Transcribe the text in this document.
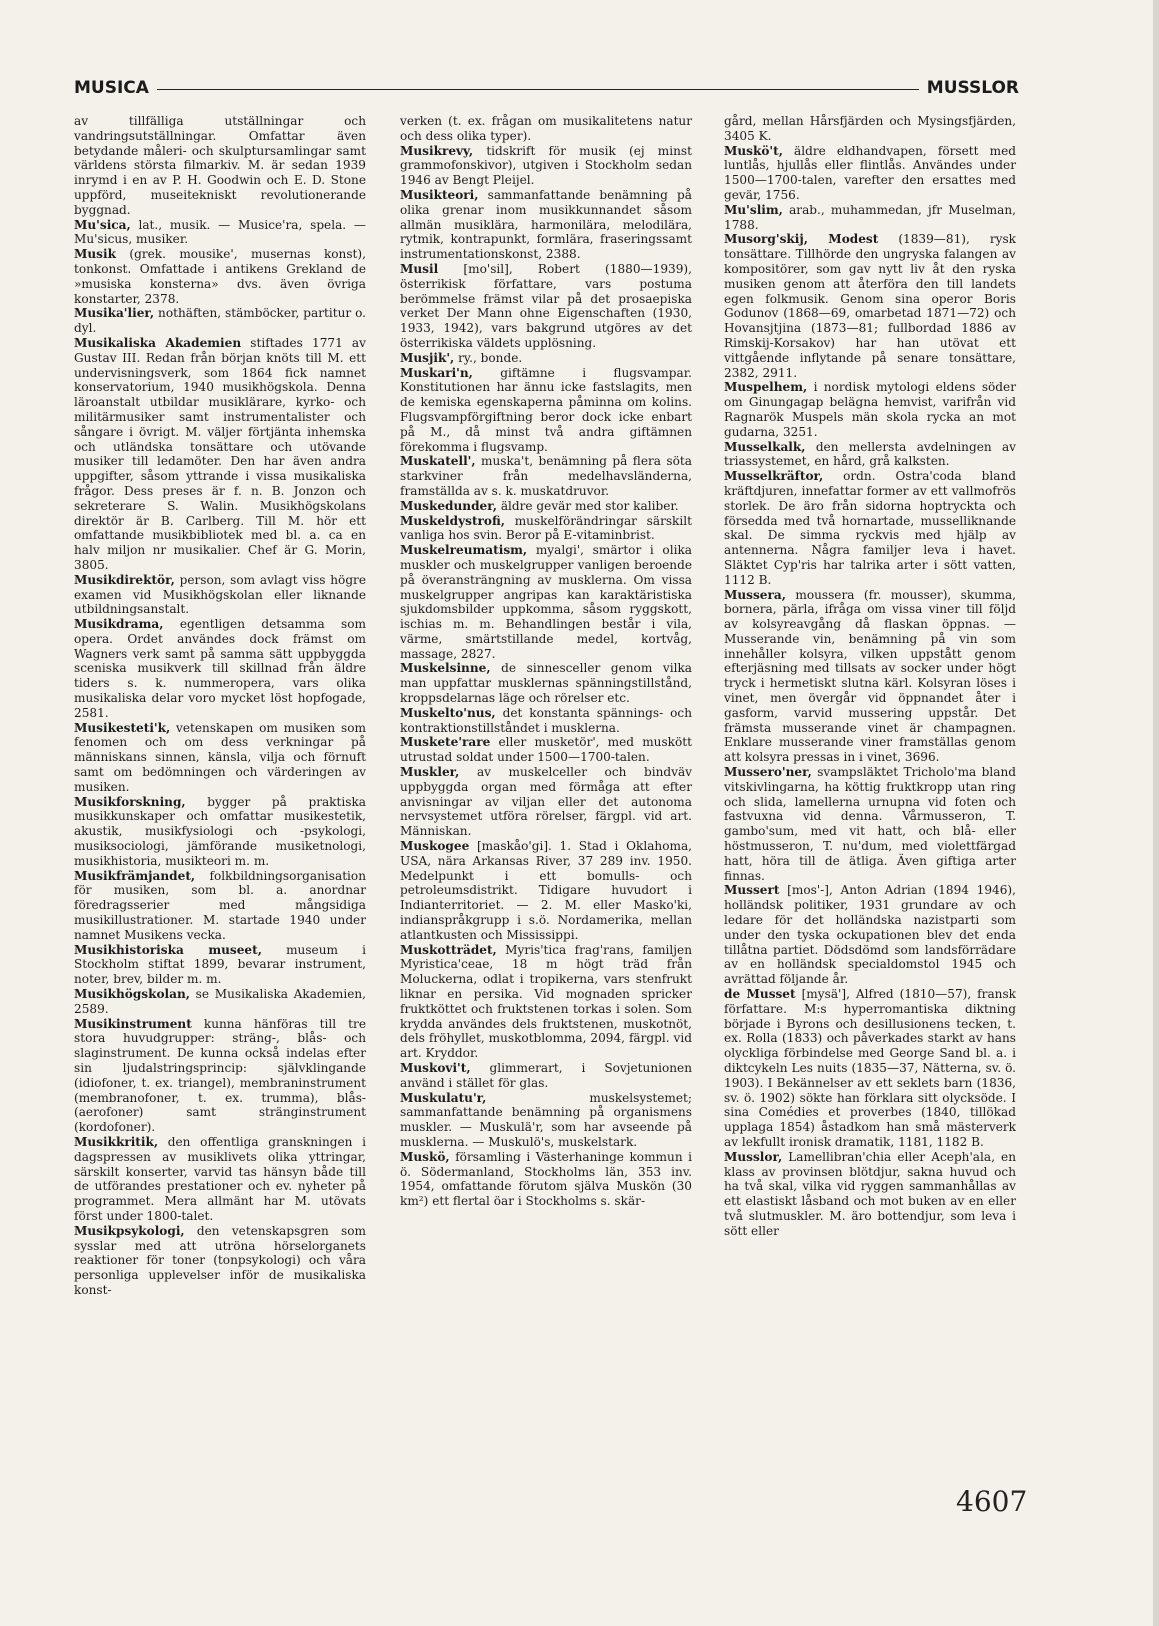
MUSICA	MUSSLOR

av tillfälliga utställningar och vandringsutställningar. Omfattar även betydande måleri- och skulptursamlingar samt världens största filmarkiv. M. är sedan 1939 inrymd i en av P. H. Goodwin och E. D. Stone uppförd, museitekniskt revolutionerande byggnad.

Mu'sica, lat., musik. — Musice'ra, spela. — Mu'sicus, musiker.

Musik (grek. mousike', musernas konst), tonkonst. Omfattade i antikens Grekland de »musiska konsterna» dvs. även övriga konstarter, 2378.

Musika'lier, nothäften, stämböcker, partitur o. dyl.

Musikaliska Akademien stiftades 1771 av Gustav III. Redan från början knöts till M. ett undervisningsverk, som 1864 fick namnet konservatorium, 1940 musikhögskola. Denna läroanstalt utbildar musiklärare, kyrko- och militärmusiker samt instrumentalister och sångare i övrigt. M. väljer förtjänta inhemska och utländska tonsättare och utövande musiker till ledamöter. Den har även andra uppgifter, såsom yttrande i vissa musikaliska frågor. Dess preses är f. n. B. Jonzon och sekreterare S. Walin. Musikhögskolans direktör är B. Carlberg. Till M. hör ett omfattande musikbibliotek med bl. a. ca en halv miljon nr musikalier. Chef är G. Morin, 3805.

Musikdirektör, person, som avlagt viss högre examen vid Musikhögskolan eller liknande utbildningsanstalt.

Musikdrama, egentligen detsamma som opera. Ordet användes dock främst om Wagners verk samt på samma sätt uppbyggda sceniska musikverk till skillnad från äldre tiders s. k. nummeropera, vars olika musikaliska delar voro mycket löst hopfogade, 2581.

Musikesteti'k, vetenskapen om musiken som fenomen och om dess verkningar på människans sinnen, känsla, vilja och förnuft samt om bedömningen och värderingen av musiken.

Musikforskning, bygger på praktiska musikkunskaper och omfattar musikestetik, akustik, musikfysiologi och -psykologi, musiksociologi, jämförande musiketnologi, musikhistoria, musikteori m. m.

Musikfrämjandet, folkbildningsorganisation för musiken, som bl. a. anordnar föredragsserier med mångsidiga musikillustrationer. M. startade 1940 under namnet Musikens vecka.

Musikhistoriska museet, museum i Stockholm stiftat 1899, bevarar instrument, noter, brev, bilder m. m.

Musikhögskolan, se Musikaliska Akademien, 2589.

Musikinstrument kunna hänföras till tre stora huvudgrupper: sträng-, blås- och slaginstrument. De kunna också indelas efter sin ljudalstringsprincip: självklingande (idiofoner, t. ex. triangel), membraninstrument (membranofoner, t. ex. trumma), blås- (aerofoner) samt stränginstrument (kordofoner).

Musikkritik, den offentliga granskningen i dagspressen av musiklivets olika yttringar, särskilt konserter, varvid tas hänsyn både till de utförandes prestationer och ev. nyheter på programmet. Mera allmänt har M. utövats först under 1800-talet.

Musikpsykologi, den vetenskapsgren som sysslar med att utröna hörselorganets reaktioner för toner (tonpsykologi) och våra personliga upplevelser inför de musikaliska konst-

verken (t. ex. frågan om musikalitetens natur och dess olika typer).

Musikrevy, tidskrift för musik (ej minst grammofonskivor), utgiven i Stockholm sedan 1946 av Bengt Pleijel.

Musikteori, sammanfattande benämning på olika grenar inom musikkunnandet såsom allmän musiklära, harmonilära, melodilära, rytmik, kontrapunkt, formlära, fraseringssamt instrumentationskonst, 2388.

Musil [mo'sil], Robert (1880—1939), österrikisk författare, vars postuma berömmelse främst vilar på det prosaepiska verket Der Mann ohne Eigenschaften (1930, 1933, 1942), vars bakgrund utgöres av det österrikiska väldets upplösning.

Musjik', ry., bonde.

Muskari'n, giftämne i flugsvampar. Konstitutionen har ännu icke fastslagits, men de kemiska egenskaperna påminna om kolins. Flugsvampförgiftning beror dock icke enbart på M., då minst två andra giftämnen förekomma i flugsvamp.

Muskatell', muska't, benämning på flera söta starkviner från medelhavsländerna, framställda av s. k. muskatdruvor.

Muskedunder, äldre gevär med stor kaliber.

Muskeldystrofi, muskelförändringar särskilt vanliga hos svin. Beror på E-vitaminbrist.

Muskelreumatism, myalgi', smärtor i olika muskler och muskelgrupper vanligen beroende på överansträngning av musklerna. Om vissa muskelgrupper angripas kan karaktäristiska sjukdomsbilder uppkomma, såsom ryggskott, ischias m. m. Behandlingen består i vila, värme, smärtstillande medel, kortvåg, massage, 2827.

Muskelsinne, de sinnesceller genom vilka man uppfattar musklernas spänningstillstånd, kroppsdelarnas läge och rörelser etc.

Muskelto'nus, det konstanta spännings- och kontraktionstillståndet i musklerna.

Muskete'rare eller musketör', med muskött utrustad soldat under 1500—1700-talen.

Muskler, av muskelceller och bindväv uppbyggda organ med förmåga att efter anvisningar av viljan eller det autonoma nervsystemet utföra rörelser, färgpl. vid art. Människan.

Muskogee [maskåo'gi]. 1. Stad i Oklahoma, USA, nära Arkansas River, 37 289 inv. 1950. Medelpunkt i ett bomulls- och petroleumsdistrikt. Tidigare huvudort i Indianterritoriet. — 2. M. eller Masko'ki, indianspråkgrupp i s.ö. Nordamerika, mellan atlantkusten och Mississippi.

Muskotträdet, Myris'tica frag'rans, familjen Myristica'ceae, 18 m högt träd från Moluckerna, odlat i tropikerna, vars stenfrukt liknar en persika. Vid mognaden spricker fruktköttet och fruktstenen torkas i solen. Som krydda användes dels fruktstenen, muskotnöt, dels fröhyllet, muskotblomma, 2094, färgpl. vid art. Kryddor.

Muskovi't, glimmerart, i Sovjetunionen använd i stället för glas.

Muskulatu'r,	muskelsystemet; sammanfattande benämning på organismens muskler. — Muskulä'r, som har avseende på musklerna. — Muskulö's, muskelstark.

Muskö, församling i Västerhaninge kommun i ö. Södermanland, Stockholms län, 353 inv. 1954, omfattande förutom själva Muskön (30 km²) ett flertal öar i Stockholms s. skär-

gård, mellan Hårsfjärden och Mysingsfjärden, 3405 K.

Muskö't, äldre eldhandvapen, försett med luntlås, hjullås eller flintlås. Användes under 1500—1700-talen, varefter den ersattes med gevär, 1756.

Mu'slim, arab., muhammedan, jfr Muselman, 1788.

Musorg'skij, Modest (1839—81), rysk tonsättare. Tillhörde den ungryska falangen av kompositörer, som gav nytt liv åt den ryska musiken genom att återföra den till landets egen folkmusik. Genom sina operor Boris Godunov (1868—69, omarbetad 1871—72) och Hovansjtjina (1873—81; fullbordad 1886 av Rimskij-Korsakov) har han utövat ett vittgående inflytande på senare tonsättare, 2382, 2911.

Muspelhem, i nordisk mytologi eldens söder om Ginungagap belägna hemvist, varifrån vid Ragnarök Muspels män skola rycka an mot gudarna, 3251.

Musselkalk, den mellersta avdelningen av triassystemet, en hård, grå kalksten.

Musselkräftor, ordn. Ostra'coda bland kräftdjuren, innefattar former av ett vallmofrös storlek. De äro från sidorna hoptryckta och försedda med två hornartade, musselliknande skal. De simma ryckvis med hjälp av antennerna. Några familjer leva i havet. Släktet Cyp'ris har talrika arter i sött vatten, 1112 B.

Mussera, moussera (fr. mousser), skumma, bornera, pärla, ifråga om vissa viner till följd av kolsyreavgång då flaskan öppnas. — Musserande vin, benämning på vin som innehåller kolsyra, vilken uppstått genom efterjäsning med tillsats av socker under högt tryck i hermetiskt slutna kärl. Kolsyran löses i vinet, men övergår vid öppnandet åter i gasform, varvid mussering uppstår. Det främsta musserande vinet är champagnen. Enklare musserande viner framställas genom att kolsyra pressas in i vinet, 3696.

Mussero'ner, svampsläktet Tricholo'ma bland vitskivlingarna, ha köttig fruktkropp utan ring och slida, lamellerna urnupna vid foten och fastvuxna vid denna. Vårmusseron, T. gambo'sum, med vit hatt, och blå- eller höstmusseron, T. nu'dum, med violettfärgad hatt, höra till de ätliga. Även giftiga arter finnas.

Mussert [mos'-], Anton Adrian (1894 1946), holländsk politiker, 1931 grundare av och ledare för det holländska nazistparti som under den tyska ockupationen blev det enda tillåtna partiet. Dödsdömd som landsförrädare av en holländsk specialdomstol 1945 och avrättad följande år.

de Musset [mysä'], Alfred (1810—57), fransk författare. M:s hyperromantiska diktning började i Byrons och desillusionens tecken, t. ex. Rolla (1833) och påverkades starkt av hans olyckliga förbindelse med George Sand bl. a. i diktcykeln Les nuits (1835—37, Nätterna, sv. ö. 1903). I Bekännelser av ett seklets barn (1836, sv. ö. 1902) sökte han förklara sitt olycksöde. I sina Comédies et proverbes (1840, tillökad upplaga 1854) åstadkom han små mästerverk av lekfullt ironisk dramatik, 1181, 1182 B.

Musslor, Lamellibran'chia eller Aceph'ala, en klass av provinsen blötdjur, sakna huvud och ha två skal, vilka vid ryggen sammanhållas av ett elastiskt låsband och mot buken av en eller två slutmuskler. M. äro bottendjur, som leva i sött eller

4607
